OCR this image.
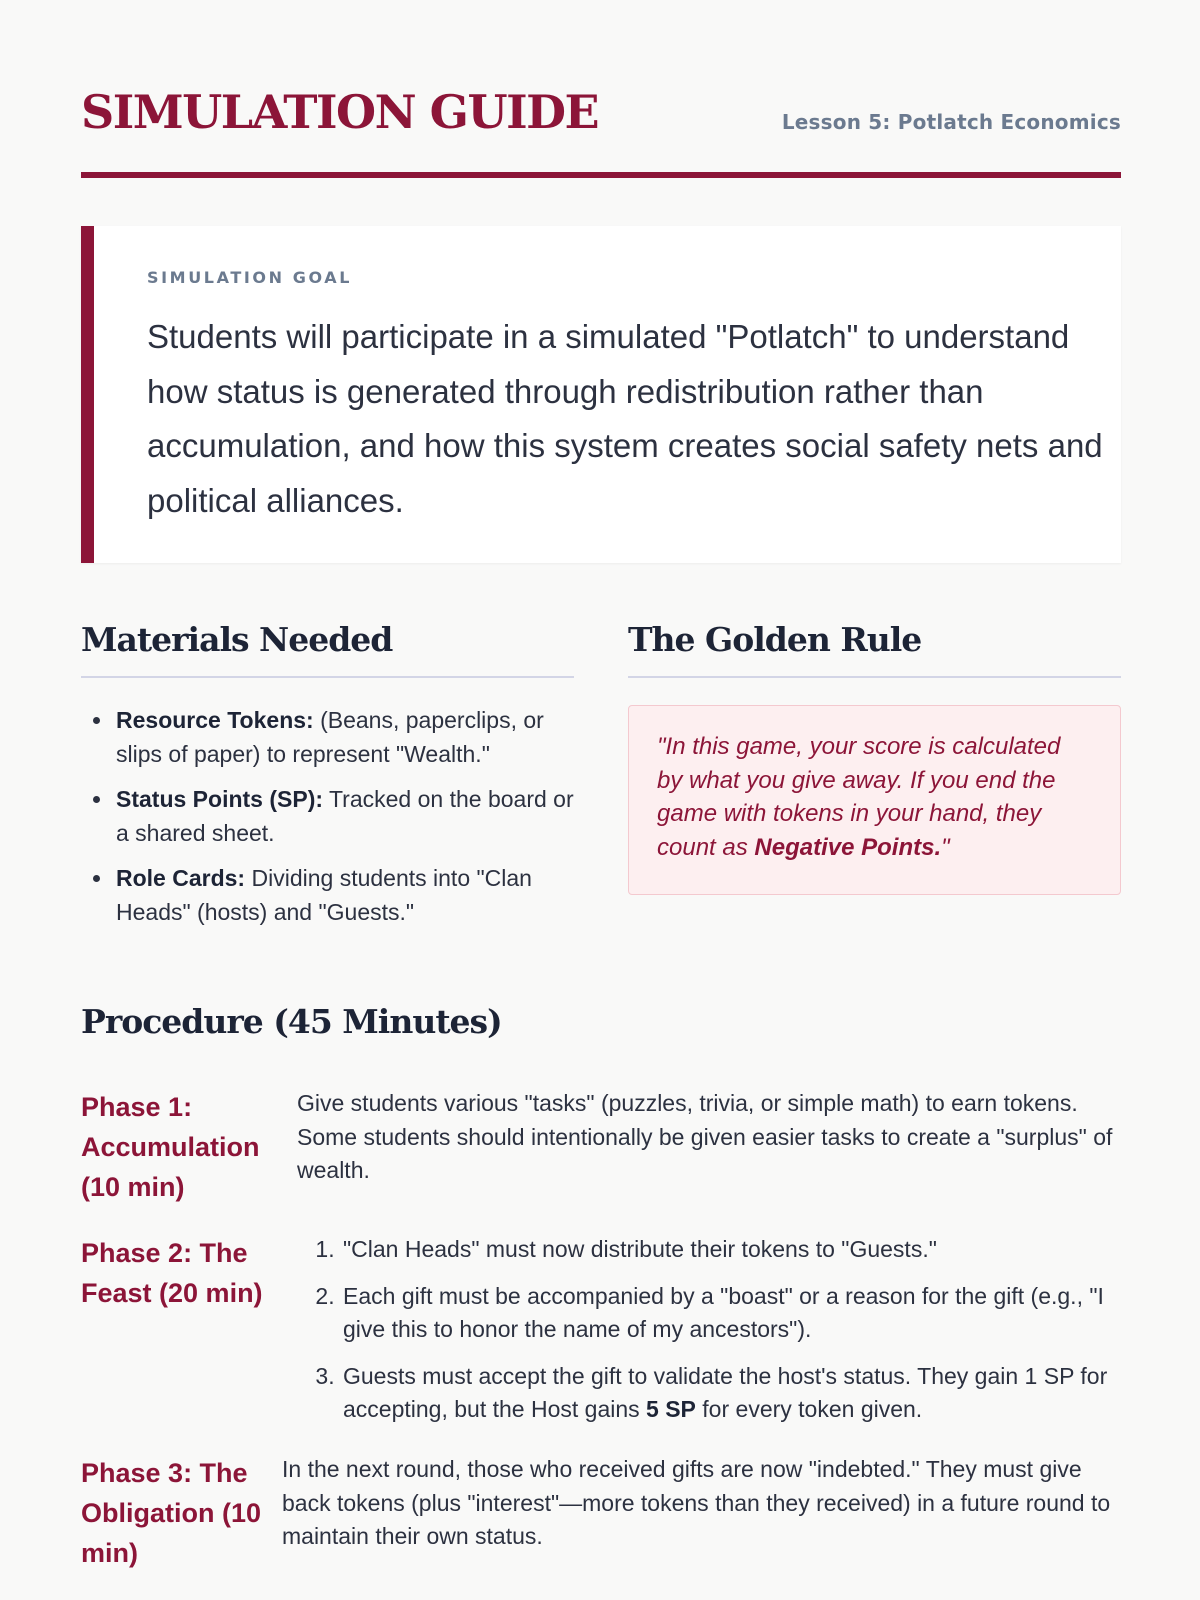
SIMULATION GUIDE	Lesson 5: Potlatch Economics
SIMULATION GOAL
Students will participate in a simulated "Potlatch" to understand how status is generated through redistribution rather than accumulation, and how this system creates social safety nets and political alliances.
Materials Needed
• Resource Tokens: (Beans, paperclips, or slips of paper) to represent "Wealth."
• Status Points (SP): Tracked on the board or a shared sheet.
• Role Cards: Dividing students into "Clan Heads" (hosts) and "Guests."
The Golden Rule
"In this game, your score is calculated by what you give away. If you end the game with tokens in your hand, they count as Negative Points."
Procedure (45 Minutes)
Phase 1: Accumulation (10 min)
Give students various "tasks" (puzzles, trivia, or simple math) to earn tokens. Some students should intentionally be given easier tasks to create a "surplus" of wealth.
Phase 2: The Feast (20 min)
1. "Clan Heads" must now distribute their tokens to "Guests."
2. Each gift must be accompanied by a "boast" or a reason for the gift (e.g., "I give this to honor the name of my ancestors").
3. Guests must accept the gift to validate the host's status. They gain 1 SP for accepting, but the Host gains 5 SP for every token given.
Phase 3: The Obligation (10 min)
In the next round, those who received gifts are now "indebted." They must give back tokens (plus "interest"—more tokens than they received) in a future round to maintain their own status.
